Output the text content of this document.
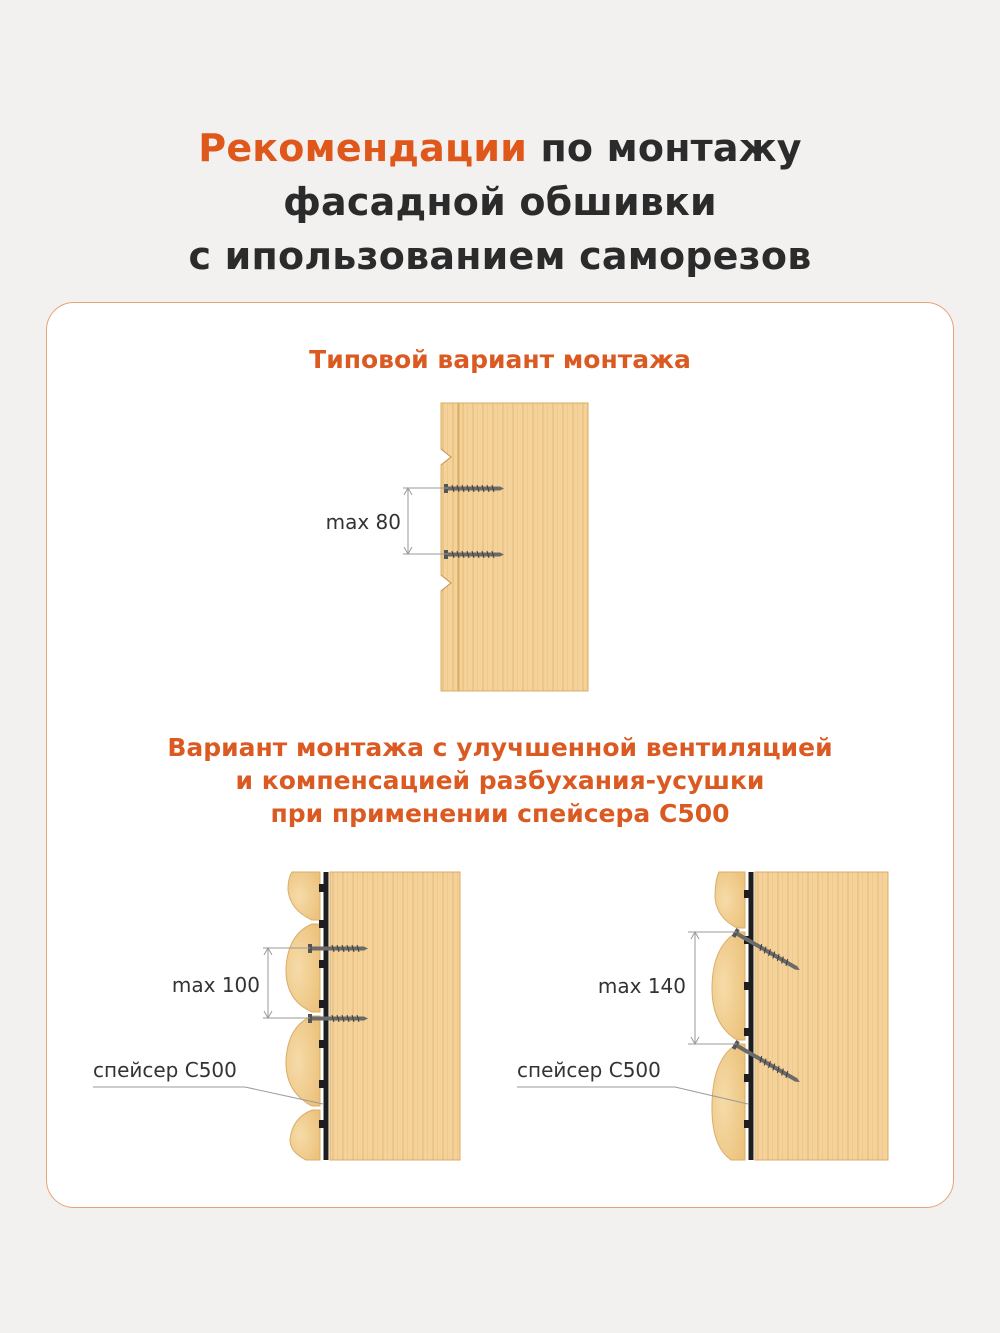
Рекомендации по монтажу
фасадной обшивки
с ипользованием саморезов
Типовой вариант монтажа
Вариант монтажа с улучшенной вентиляцией
и компенсацией разбухания-усушки
при применении спейсера С500
max 80
max 100
спейсер С500
max 140
спейсер С500
